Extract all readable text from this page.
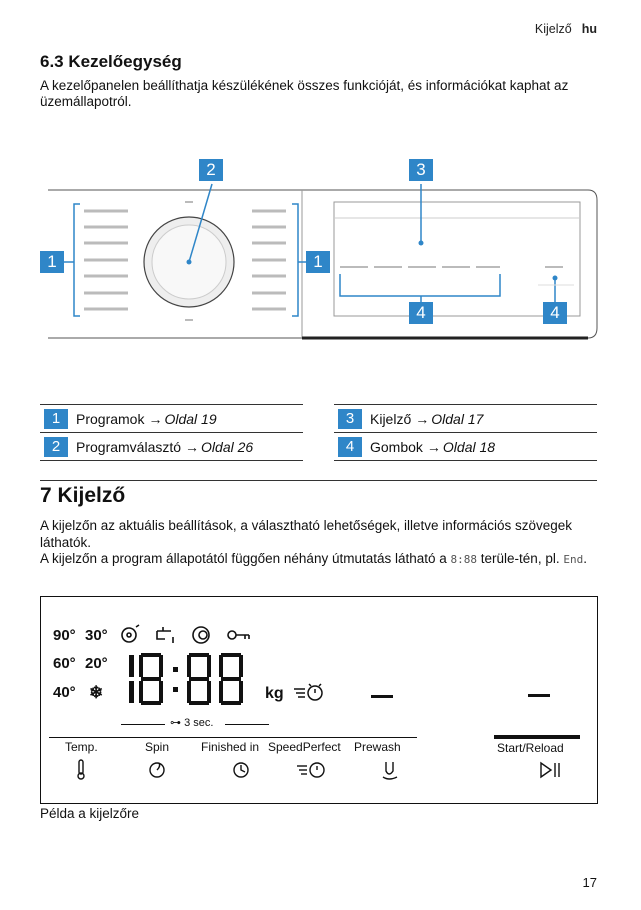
Kijelző hu
6.3 Kezelőegység
A kezelőpanelen beállíthatja készülékének összes funkcióját, és információkat kaphat az üzemállapotról.
2	3
1	1
4	4
1	Programok → Oldal 19
2	Programválasztó → Oldal 26
3	Kijelző → Oldal 17
4	Gombok → Oldal 18
7 Kijelző
A kijelzőn az aktuális beállítások, a választható lehetőségek, illetve információs szövegek láthatók.
A kijelzőn a program állapotától függően néhány útmutatás látható a 8:88 terüle-tén, pl. End.
90° 30°
60° 20°
40° ❄	kg
⊶ 3 sec.
Temp.	Spin	Finished in SpeedPerfect Prewash	Start/Reload
Példa a kijelzőre
17
